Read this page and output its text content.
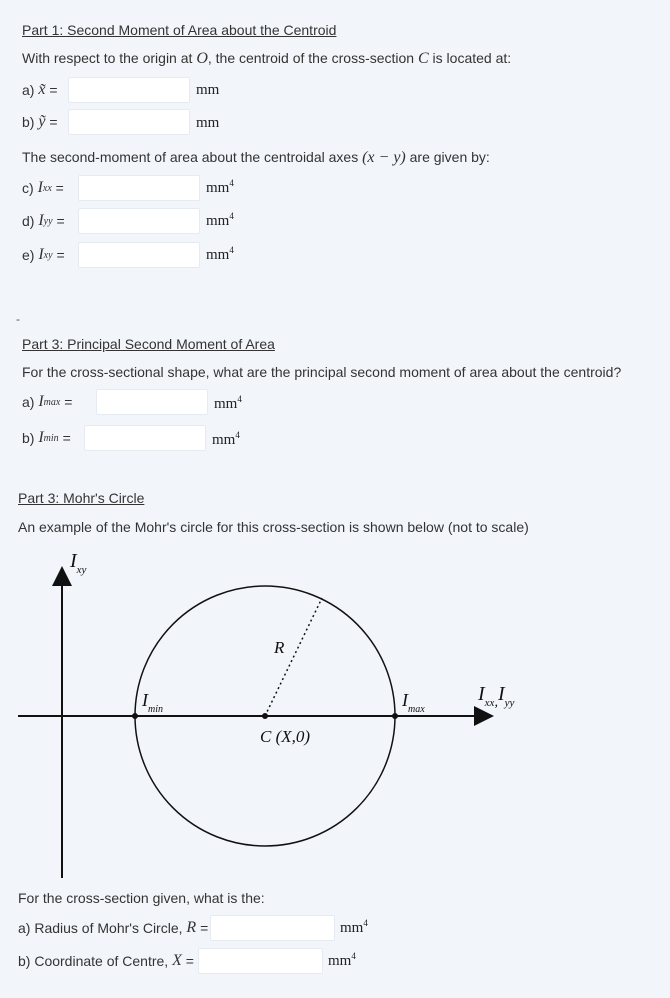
Part 1: Second Moment of Area about the Centroid
With respect to the origin at O, the centroid of the cross-section C is located at:
a)
x̃
=	mm
b)
ỹ
=	mm
The second-moment of area about the centroidal axes (x − y) are given by:
c)
I xx
=	$mm^4$
d)
I yy
=	$mm^4$
e)
I xy
=	$mm^4$
-
Part 3: Principal Second Moment of Area
For the cross-sectional shape, what are the principal second moment of area about the centroid?
a)
I max
=	$mm^4$
b)
I min
=	$mm^4$
Part 3: Mohr's Circle
An example of the Mohr's circle for this cross-section is shown below (not to scale)
$I_{xy}$
$I_{xx},I_{yy}$
R
C (X,0)
$I_{min}$	$I_{max}$
For the cross-section given, what is the:
a) Radius of Mohr's Circle,
R
=	$mm^4$
b) Coordinate of Centre,
X
=	$mm^4$
